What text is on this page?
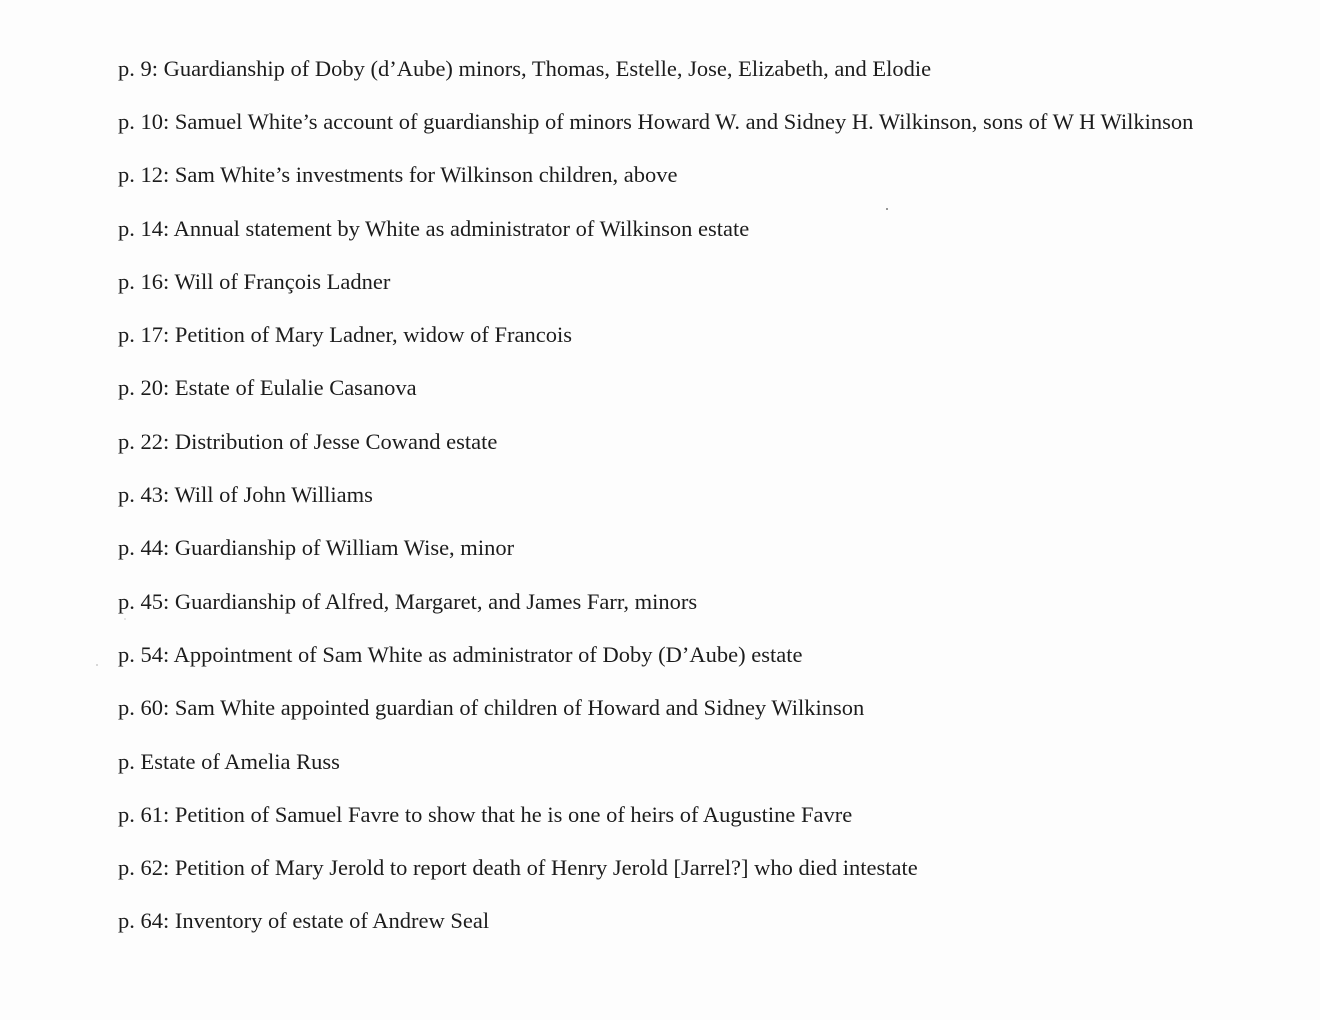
p. 9: Guardianship of Doby (d’Aube) minors, Thomas, Estelle, Jose, Elizabeth, and Elodie
p. 10: Samuel White’s account of guardianship of minors Howard W. and Sidney H. Wilkinson, sons of W H Wilkinson
p. 12: Sam White’s investments for Wilkinson children, above
p. 14: Annual statement by White as administrator of Wilkinson estate
p. 16: Will of François Ladner
p. 17: Petition of Mary Ladner, widow of Francois
p. 20: Estate of Eulalie Casanova
p. 22: Distribution of Jesse Cowand estate
p. 43: Will of John Williams
p. 44: Guardianship of William Wise, minor
p. 45: Guardianship of Alfred, Margaret, and James Farr, minors
p. 54: Appointment of Sam White as administrator of Doby (D’Aube) estate
p. 60: Sam White appointed guardian of children of Howard and Sidney Wilkinson
p. Estate of Amelia Russ
p. 61: Petition of Samuel Favre to show that he is one of heirs of Augustine Favre
p. 62: Petition of Mary Jerold to report death of Henry Jerold [Jarrel?] who died intestate
p. 64: Inventory of estate of Andrew Seal
